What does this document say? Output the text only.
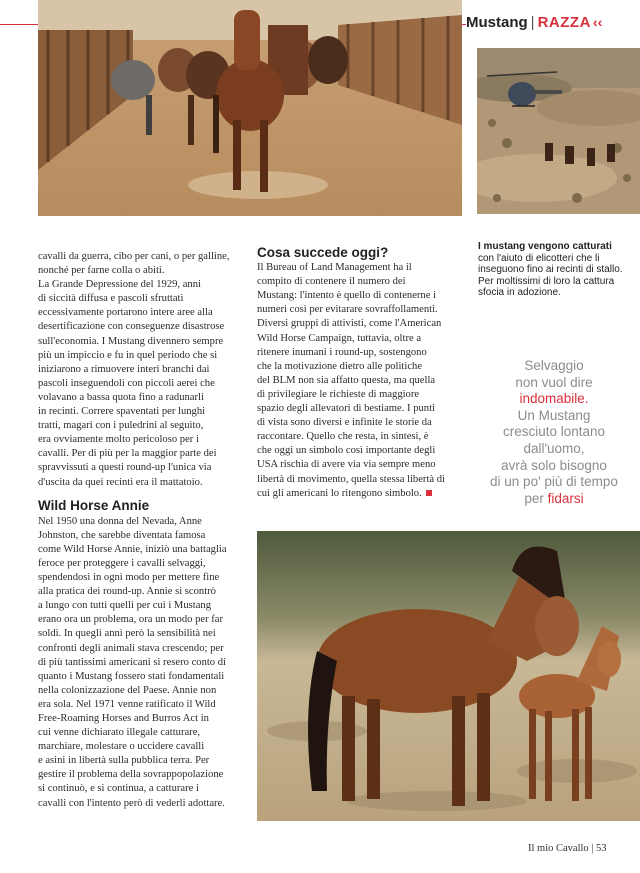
Mustang | RAZZA ‹‹
I mustang vengono catturati con l'aiuto di elicotteri che li inseguono fino ai recinti di stallo. Per moltissimi di loro la cattura sfocia in adozione.

cavalli da guerra, cibo per cani, o per galline,

nonché per farne colla o abiti.

La Grande Depressione del 1929, anni

di siccità diffusa e pascoli sfruttati

eccessivamente portarono intere aree alla

desertificazione con conseguenze disastrose

sull'economia. I Mustang divennero sempre

più un impiccio e fu in quel periodo che si

iniziarono a rimuovere interi branchi dai

pascoli inseguendoli con piccoli aerei che

volavano a bassa quota fino a radunarli

in recinti. Correre spaventati per lunghi

tratti, magari con i puledrini al seguito,

era ovviamente molto pericoloso per i

cavalli. Per di più per la maggior parte dei

spravvissuti a questi round-up l'unica via

d'uscita da quei recinti era il mattatoio.

Wild Horse Annie

Nel 1950 una donna del Nevada, Anne

Johnston, che sarebbe diventata famosa

come Wild Horse Annie, iniziò una battaglia

feroce per proteggere i cavalli selvaggi,

spendendosi in ogni modo per mettere fine

alla pratica dei round-up. Annie si scontrò

a lungo con tutti quelli per cui i Mustang

erano ora un problema, ora un modo per far

soldi. In quegli anni però la sensibilità nei

confronti degli animali stava crescendo; per

di più tantissimi americani si resero conto di

quanto i Mustang fossero stati fondamentali

nella colonizzazione del Paese. Annie non

era sola. Nel 1971 venne ratificato il Wild

Free-Roaming Horses and Burros Act in

cui venne dichiarato illegale catturare,

marchiare, molestare o uccidere cavalli

e asini in libertà sulla pubblica terra. Per

gestire il problema della sovrappopolazione

si continuò, e si continua, a catturare i

cavalli con l'intento però di vederli adottare.

Cosa succede oggi?

Il Bureau of Land Management ha il

compito di contenere il numero dei

Mustang: l'intento è quello di contenerne i

numeri così per evitarare sovraffollamenti.

Diversi gruppi di attivisti, come l'American

Wild Horse Campaign, tuttavia, oltre a

ritenere inumani i round-up, sostengono

che la motivazione dietro alle politiche

del BLM non sia affatto questa, ma quella

di privilegiare le richieste di maggiore

spazio degli allevatori di bestiame. I punti

di vista sono diversi e infinite le storie da

raccontare. Quello che resta, in sintesi, è

che oggi un simbolo così importante degli

USA rischia di avere via via sempre meno

libertà di movimento, quella stessa libertà di

cui gli americani lo ritengono simbolo.

Selvaggio
non vuol dire
indomabile.
Un Mustang
cresciuto lontano
dall'uomo,
avrà solo bisogno
di un po' più di tempo
per fidarsi
Il mio Cavallo | 53
